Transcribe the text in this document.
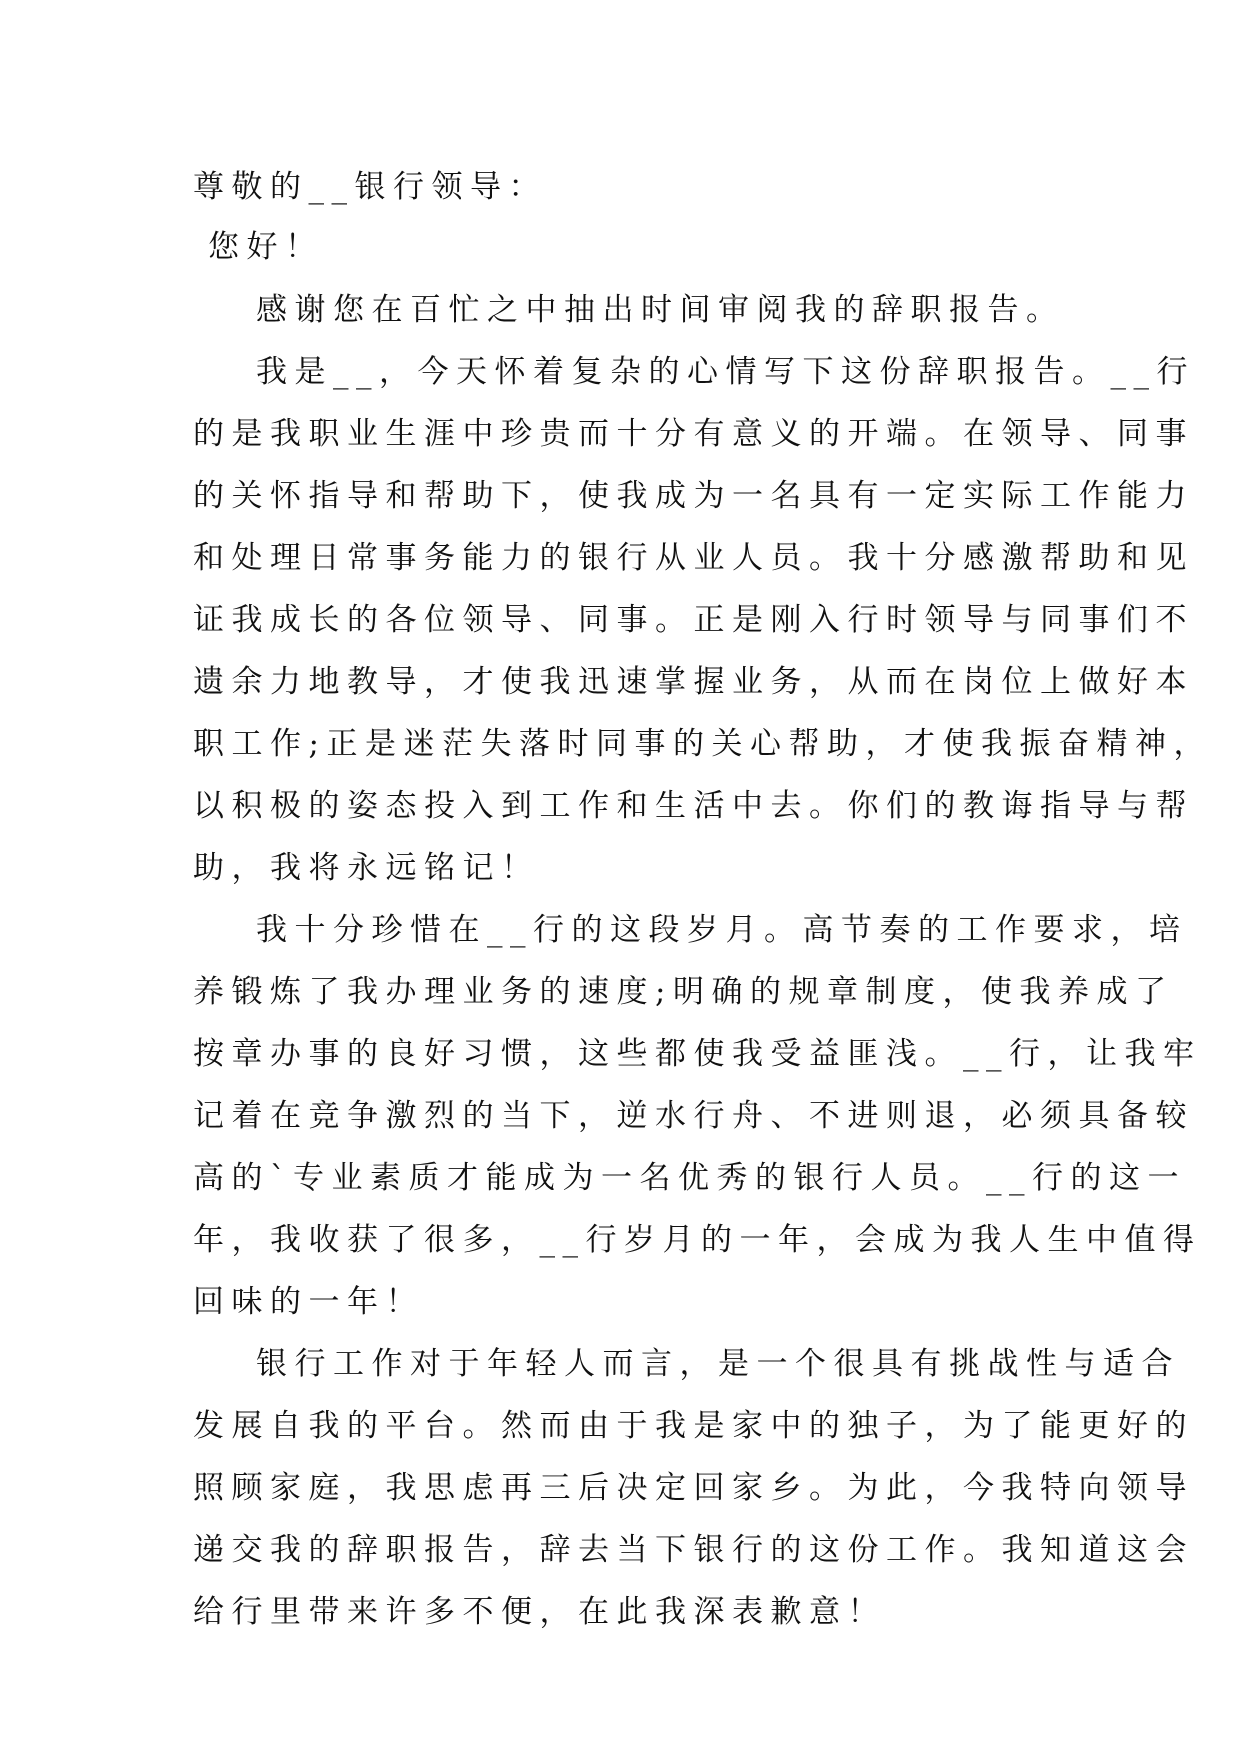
尊敬的__银行领导：
您好！
感谢您在百忙之中抽出时间审阅我的辞职报告。
我是__，今天怀着复杂的心情写下这份辞职报告。__行
的是我职业生涯中珍贵而十分有意义的开端。在领导、同事
的关怀指导和帮助下，使我成为一名具有一定实际工作能力
和处理日常事务能力的银行从业人员。我十分感激帮助和见
证我成长的各位领导、同事。正是刚入行时领导与同事们不
遗余力地教导，才使我迅速掌握业务，从而在岗位上做好本
职工作;正是迷茫失落时同事的关心帮助，才使我振奋精神，
以积极的姿态投入到工作和生活中去。你们的教诲指导与帮
助，我将永远铭记！
我十分珍惜在__行的这段岁月。高节奏的工作要求，培
养锻炼了我办理业务的速度;明确的规章制度，使我养成了
按章办事的良好习惯，这些都使我受益匪浅。__行，让我牢
记着在竞争激烈的当下，逆水行舟、不进则退，必须具备较
高的`专业素质才能成为一名优秀的银行人员。__行的这一
年，我收获了很多，__行岁月的一年，会成为我人生中值得
回味的一年！
银行工作对于年轻人而言，是一个很具有挑战性与适合
发展自我的平台。然而由于我是家中的独子，为了能更好的
照顾家庭，我思虑再三后决定回家乡。为此，今我特向领导
递交我的辞职报告，辞去当下银行的这份工作。我知道这会
给行里带来许多不便，在此我深表歉意！
